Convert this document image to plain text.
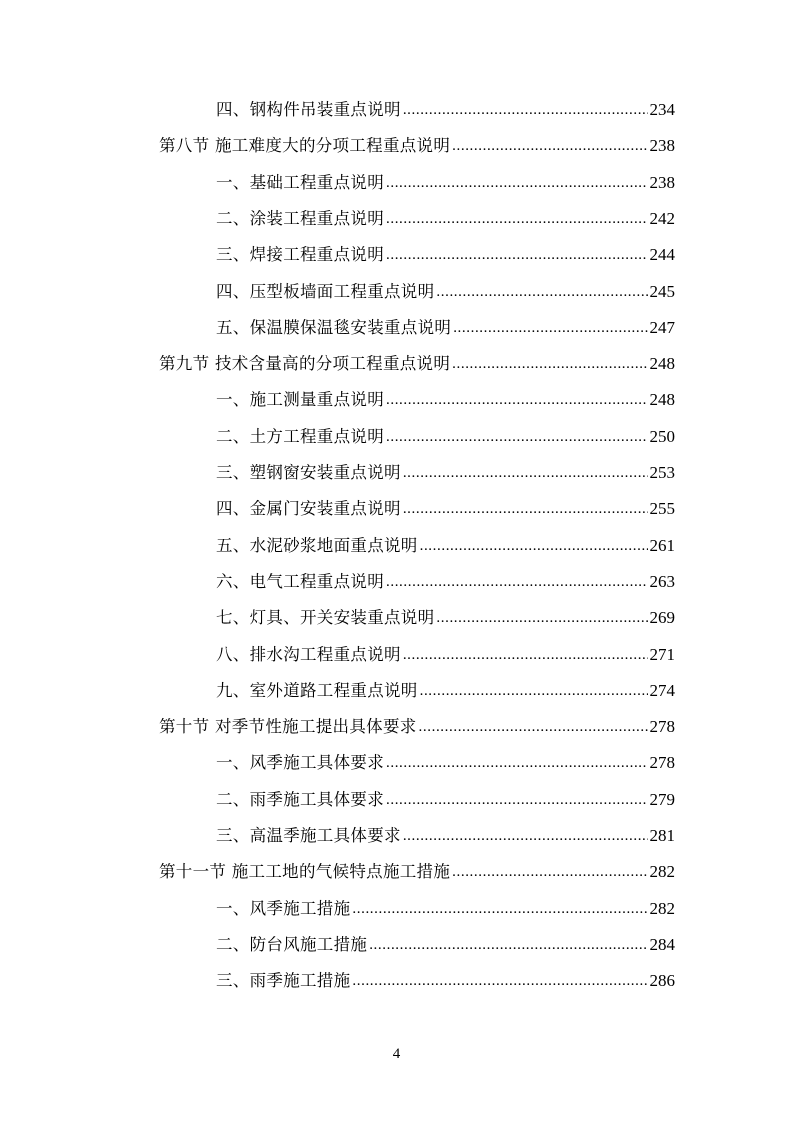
四、钢构件吊装重点说明 .....	234
第八节 施工难度大的分项工程重点说明 .....	238
一、基础工程重点说明 .....	238
二、涂装工程重点说明 .....	242
三、焊接工程重点说明 .....	244
四、压型板墙面工程重点说明 .....	245
五、保温膜保温毯安装重点说明 .....	247
第九节 技术含量高的分项工程重点说明 .....	248
一、施工测量重点说明 .....	248
二、土方工程重点说明 .....	250
三、塑钢窗安装重点说明 .....	253
四、金属门安装重点说明 .....	255
五、水泥砂浆地面重点说明 .....	261
六、电气工程重点说明 .....	263
七、灯具、开关安装重点说明 .....	269
八、排水沟工程重点说明 .....	271
九、室外道路工程重点说明 .....	274
第十节 对季节性施工提出具体要求 .....	278
一、风季施工具体要求 .....	278
二、雨季施工具体要求 .....	279
三、高温季施工具体要求 .....	281
第十一节 施工工地的气候特点施工措施 .....	282
一、风季施工措施 .....	282
二、防台风施工措施 .....	284
三、雨季施工措施 .....	286
4
